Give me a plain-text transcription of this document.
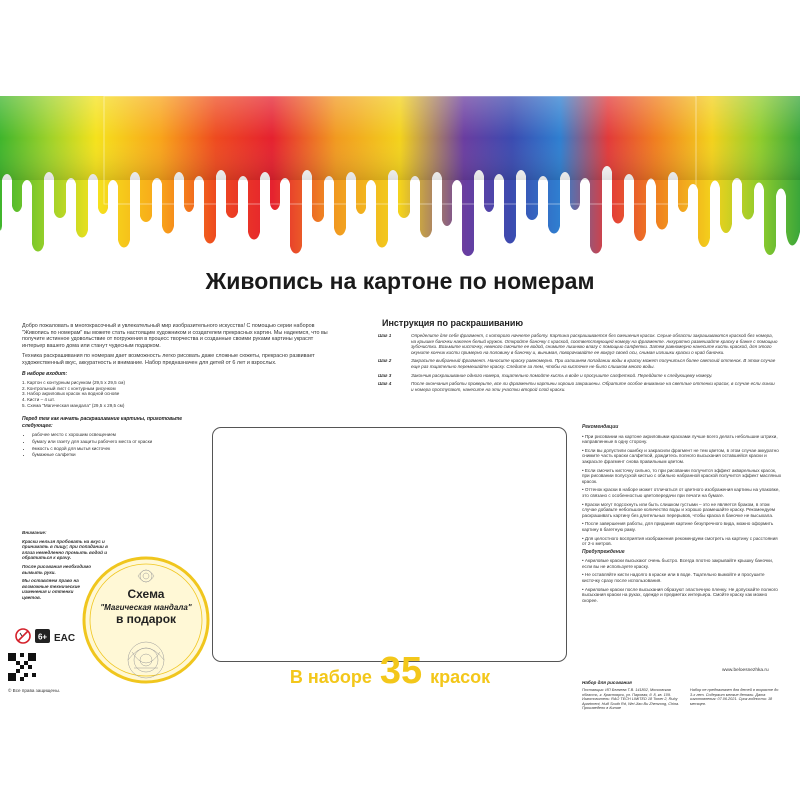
Живопись на картоне по номерам

Добро пожаловать в многокрасочный и увлекательный мир изобразительного искусства! С помощью серии наборов "Живопись по номерам" вы можете стать настоящим художником и создателем прекрасных картин. Мы надеемся, что вы получите истинное удовольствие от погружения в процесс творчества и созданные своими руками картины украсят интерьер вашего дома или станут чудесным подарком.

Техника раскрашивания по номерам дает возможность легко рисовать даже сложные сюжеты, прекрасно развивает художественный вкус, аккуратность и внимание. Набор предназначен для детей от 6 лет и взрослых.

В наборе входит:
1. Картон с контурным рисунком (29,5 х 29,5 см)
2. Контрольный лист с контурным рисунком
3. Набор акриловых красок на водной основе
4. Кисти – 4 шт.
5. Схема "Магическая мандала" (29,5 х 29,5 см)
Перед тем как начать раскрашивание картины, приготовьте следующее:
• рабочее место с хорошим освещением
• бумагу или газету для защиты рабочего места от краски
• ёмкость с водой для мытья кисточек
• бумажные салфетки

Внимание:

Краски нельзя пробовать на вкус и принимать в пищу; при попадании в глаза немедленно промыть водой и обратиться к врачу.

После рисования необходимо вымыть руки.

Мы оставляем право на возможные технические изменения и оттенки цветов.	Схема
"Магическая мандала"
в подарок
6+ EAC
© Все права защищены.
Инструкция по раскрашиванию
Шаг 1	Определите для себя фрагмент, с которого начнете работу. Картина раскрашивается без смешения красок. Серые области закрашиваются краской без номера, на крышке баночки наклеен белый кружок. Откройте баночку с краской, соответствующей номеру на фрагменте. Аккуратно размешайте краску в банке с помощью зубочистки. Возьмите кисточку, немного смочите ее водой, снимите лишнюю влагу с помощью салфетки. Затем равномерно нанесите кисть краской, для этого окуните кончик кисти примерно на половину в баночку и, вынимая, поворачивайте ее вокруг своей оси, снимая излишки краски о край баночки.
Шаг 2	Закрасьте выбранный фрагмент. Наносите краску равномерно. При излишнем попадании воды в краску может получиться более светлый оттенок. В этом случае еще раз тщательно перемешайте краску. Следите за тем, чтобы на кисточке не было слишком много воды.
Шаг 3	Закончив раскрашивание одного номера, тщательно помойте кисть в воде и просушите салфеткой. Перейдите к следующему номеру.
Шаг 4	После окончания работы проверьте, все ли фрагменты картины хорошо закрашены. Обратите особое внимание на светлые оттенки красок, в случае если линии и номера проступают, нанесите на эти участки второй слой краски.
Рекомендации

• При рисовании на картоне акриловыми красками лучше всего делать небольшие штрихи, направленные в одну сторону.

• Если вы допустили ошибку и закрасили фрагмент не тем цветом, в этом случае аккуратно снимите часть краски салфеткой, дождитесь полного высыхания оставшейся краски и закрасьте фрагмент снова правильным цветом.

• Если смочить кисточку сильно, то при рисовании получится эффект акварельных красок, при рисовании полусухой кистью с обильно набранной краской получится эффект масляных красок.

• Оттенок краски в наборе может отличаться от цветного изображения картины на упаковке, это связано с особенностью цветопередачи при печати на бумаге.

• Краски могут подсохнуть или быть слишком густыми – это не является браком, в этом случае добавьте небольшое количество воды и хорошо размешайте краску. Рекомендуем раскрашивать картину без длительных перерывов, чтобы краска в баночке не высыхала.

• После завершения работы, для придания картине безупречного вида, можно оформить картину в багетную раму.

• Для целостного восприятия изображения рекомендуем смотреть на картину с расстояния от 2-х метров.

Предупреждение

• Акриловые краски высыхают очень быстро. Всегда плотно закрывайте крышку баночки, если вы не используете краску.

• Не оставляйте кисти надолго в краске или в воде. Тщательно вымойте и просушите кисточку сразу после использования.

• Акриловые краски после высыхания образуют эластичную пленку. Не допускайте полного высыхания краски на руках, одежде и предметах интерьера. Смойте краску как можно скорее.

В наборе 35 красок	www.beloesnezhka.ru
Набор для рисования
Поставщик: ИП Беляева Т.В. 141802, Московская область, г. Красноярск, ул. Паровая, д. 8, кв. 109. Изготовитель: RAO TECH LIMITED 18 Tower 2, Ruby Apartment, Huili South Rd, Wei Jiao Bu Zhenzong, China. Произведено в Китае
Набор не предназначен для детей в возрасте до 3-х лет. Содержит мелкие детали. Дата изготовления: 07.06.2021. Срок годности: 18 месяцев.
